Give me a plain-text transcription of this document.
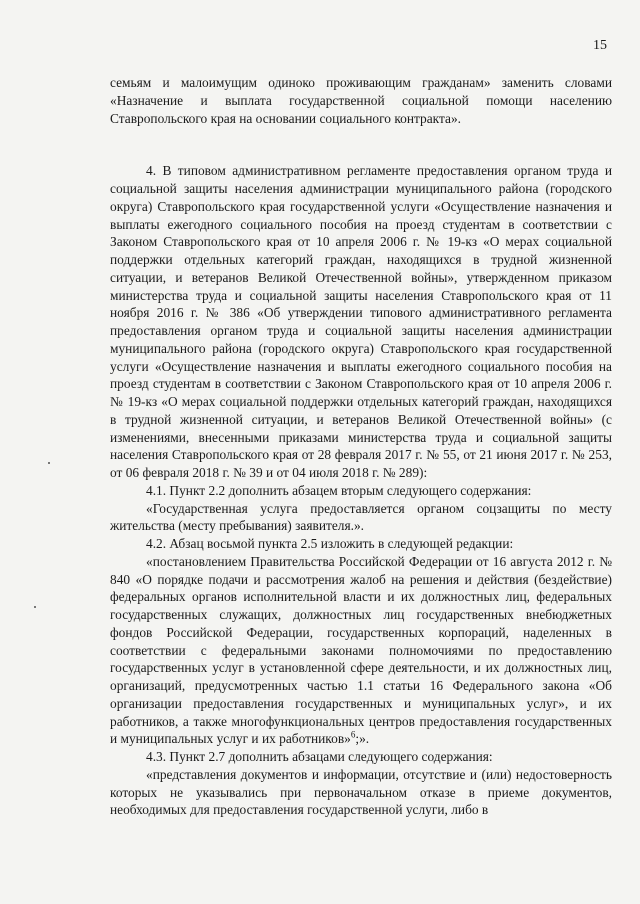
15

семьям и малоимущим одиноко проживающим гражданам» заменить словами «Назначение и выплата государственной социальной помощи населению Ставропольского края на основании социального контракта».

4. В типовом административном регламенте предоставления органом труда и социальной защиты населения администрации муниципального района (городского округа) Ставропольского края государственной услуги «Осуществление назначения и выплаты ежегодного социального пособия на проезд студентам в соответствии с Законом Ставропольского края от 10 апреля 2006 г. № 19-кз «О мерах социальной поддержки отдельных категорий граждан, находящихся в трудной жизненной ситуации, и ветеранов Великой Отечественной войны», утвержденном приказом министерства труда и социальной защиты населения Ставропольского края от 11 ноября 2016 г. № 386 «Об утверждении типового административного регламента предоставления органом труда и социальной защиты населения администрации муниципального района (городского округа) Ставропольского края государственной услуги «Осуществление назначения и выплаты ежегодного социального пособия на проезд студентам в соответствии с Законом Ставропольского края от 10 апреля 2006 г. № 19-кз «О мерах социальной поддержки отдельных категорий граждан, находящихся в трудной жизненной ситуации, и ветеранов Великой Отечественной войны» (с изменениями, внесенными приказами министерства труда и социальной защиты населения Ставропольского края от 28 февраля 2017 г. № 55, от 21 июня 2017 г. № 253, от 06 февраля 2018 г. № 39 и от 04 июля 2018 г. № 289):

4.1. Пункт 2.2 дополнить абзацем вторым следующего содержания:

«Государственная услуга предоставляется органом соцзащиты по месту жительства (месту пребывания) заявителя.».

4.2. Абзац восьмой пункта 2.5 изложить в следующей редакции:

«постановлением Правительства Российской Федерации от 16 августа 2012 г. № 840 «О порядке подачи и рассмотрения жалоб на решения и действия (бездействие) федеральных органов исполнительной власти и их должностных лиц, федеральных государственных служащих, должностных лиц государственных внебюджетных фондов Российской Федерации, государственных корпораций, наделенных в соответствии с федеральными законами полномочиями по предоставлению государственных услуг в установленной сфере деятельности, и их должностных лиц, организаций, предусмотренных частью 1.1 статьи 16 Федерального закона «Об организации предоставления государственных и муниципальных услуг», и их работников, а также многофункциональных центров предоставления государственных и муниципальных услуг и их работников»$^6$;».

4.3. Пункт 2.7 дополнить абзацами следующего содержания:

«представления документов и информации, отсутствие и (или) недостоверность которых не указывались при первоначальном отказе в приеме документов, необходимых для предоставления государственной услуги, либо в
